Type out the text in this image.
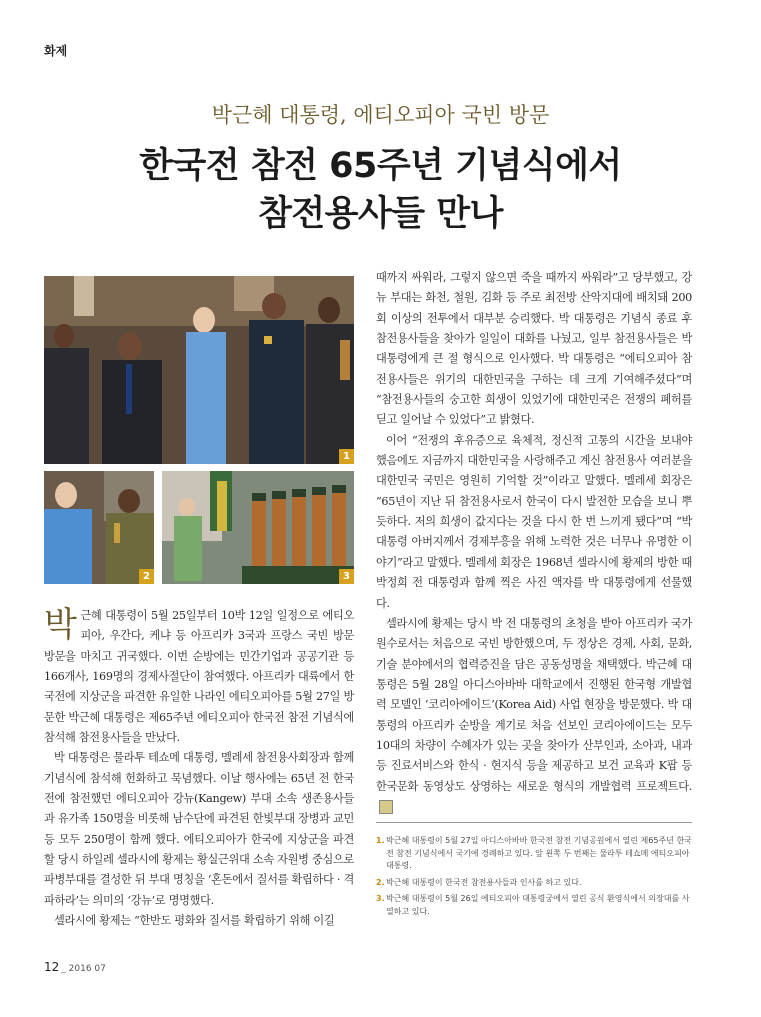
화제
박근혜 대통령, 에티오피아 국빈 방문
한국전 참전 65주년 기념식에서
참전용사들 만나
1
2	3

박근혜 대통령이 5월 25일부터 10박 12일 일정으로 에티오피아, 우간다, 케냐 등 아프리카 3국과 프랑스 국빈 방문 방문을 마치고 귀국했다. 이번 순방에는 민간기업과 공공기관 등 166개사, 169명의 경제사절단이 참여했다. 아프리카 대륙에서 한국전에 지상군을 파견한 유일한 나라인 에티오피아를 5월 27일 방문한 박근혜 대통령은 제65주년 에티오피아 한국전 참전 기념식에 참석해 참전용사들을 만났다.

박 대통령은 물라투 테쇼메 대통령, 멜레세 참전용사회장과 함께 기념식에 참석해 헌화하고 묵념했다. 이날 행사에는 65년 전 한국전에 참전했던 에티오피아 강뉴(Kangew) 부대 소속 생존용사들과 유가족 150명을 비롯해 남수단에 파견된 한빛부대 장병과 교민 등 모두 250명이 함께 했다. 에티오피아가 한국에 지상군을 파견할 당시 하일레 셀라시에 황제는 황실근위대 소속 자원병 중심으로 파병부대를 결성한 뒤 부대 명칭을 ‘혼돈에서 질서를 확립하다 · 격파하라’는 의미의 ‘강뉴’로 명명했다.

셀라시에 황제는 “한반도 평화와 질서를 확립하기 위해 이길

때까지 싸워라, 그렇지 않으면 죽을 때까지 싸워라”고 당부했고, 강뉴 부대는 화천, 철원, 김화 등 주로 최전방 산악지대에 배치돼 200회 이상의 전투에서 대부분 승리했다. 박 대통령은 기념식 종료 후 참전용사들을 찾아가 일일이 대화를 나눴고, 일부 참전용사들은 박 대통령에게 큰 절 형식으로 인사했다. 박 대통령은 “에티오피아 참전용사들은 위기의 대한민국을 구하는 데 크게 기여해주셨다”며 “참전용사들의 숭고한 희생이 있었기에 대한민국은 전쟁의 폐허를 딛고 일어날 수 있었다”고 밝혔다.

이어 “전쟁의 후유증으로 육체적, 정신적 고통의 시간을 보내야 했음에도 지금까지 대한민국을 사랑해주고 계신 참전용사 여러분을 대한민국 국민은 영원히 기억할 것”이라고 말했다. 멜레세 회장은 “65년이 지난 뒤 참전용사로서 한국이 다시 발전한 모습을 보니 뿌듯하다. 저의 희생이 값지다는 것을 다시 한 번 느끼게 됐다”며 “박 대통령 아버지께서 경제부흥을 위해 노력한 것은 너무나 유명한 이야기”라고 말했다. 멜레세 회장은 1968년 셀라시에 황제의 방한 때 박정희 전 대통령과 함께 찍은 사진 액자를 박 대통령에게 선물했다.

셀라시에 황제는 당시 박 전 대통령의 초청을 받아 아프리카 국가원수로서는 처음으로 국빈 방한했으며, 두 정상은 경제, 사회, 문화, 기술 분야에서의 협력증진을 담은 공동성명을 채택했다. 박근혜 대통령은 5월 28일 아디스아바바 대학교에서 진행된 한국형 개발협력 모델인 ‘코리아에이드’(Korea Aid) 사업 현장을 방문했다. 박 대통령의 아프리카 순방을 계기로 처음 선보인 코리아에이드는 모두 10대의 차량이 수혜자가 있는 곳을 찾아가 산부인과, 소아과, 내과 등 진료서비스와 한식 · 현지식 등을 제공하고 보건 교육과 K팝 등 한국문화 동영상도 상영하는 새로운 형식의 개발협력 프로젝트다.

1. 박근혜 대통령이 5월 27일 아디스아바바 한국전 참전 기념공원에서 열린 제65주년 한국전 참전 기념식에서 국기에 경례하고 있다. 앞 왼쪽 두 번째는 물라투 테쇼메 에티오피아 대통령.
2. 박근혜 대통령이 한국전 참전용사들과 인사를 하고 있다.
3. 박근혜 대통령이 5월 26일 에티오피아 대통령궁에서 열린 공식 환영식에서 의장대를 사열하고 있다.
12 _ 2016 07
